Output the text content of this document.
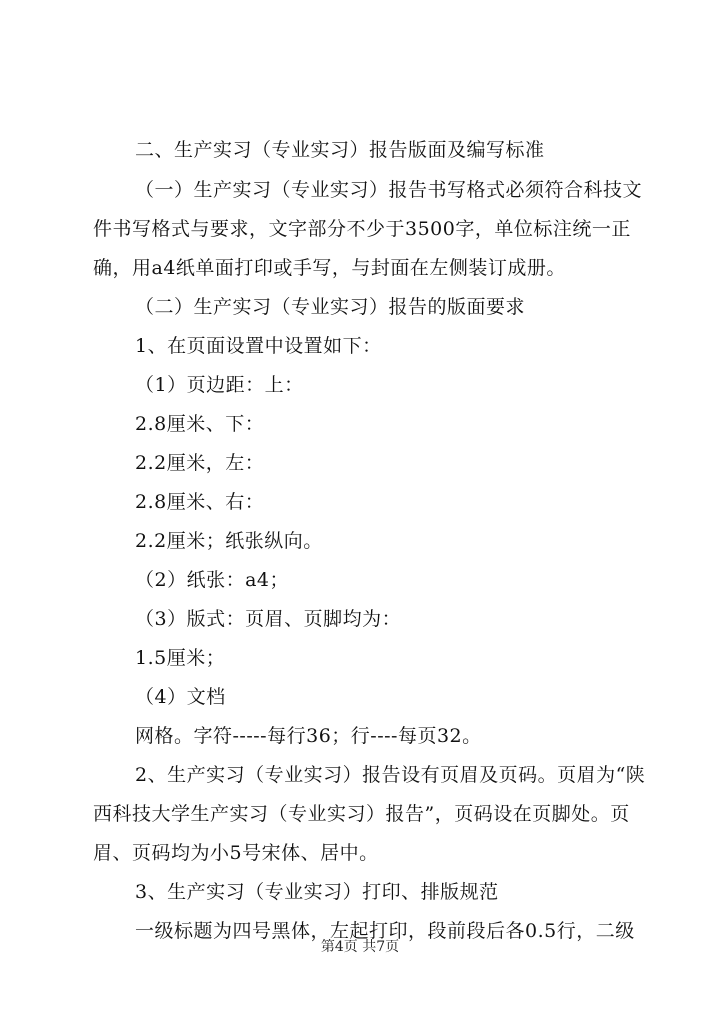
二、生产实习（专业实习）报告版面及编写标准
（一）生产实习（专业实习）报告书写格式必须符合科技文
件书写格式与要求，文字部分不少于3500字，单位标注统一正
确，用a4纸单面打印或手写，与封面在左侧装订成册。
（二）生产实习（专业实习）报告的版面要求
1、在页面设置中设置如下：
（1）页边距：上：
2.8厘米、下：
2.2厘米，左：
2.8厘米、右：
2.2厘米；纸张纵向。
（2）纸张：a4；
（3）版式：页眉、页脚均为：
1.5厘米；
（4）文档
网格。字符-----每行36；行----每页32。
2、生产实习（专业实习）报告设有页眉及页码。页眉为“陕
西科技大学生产实习（专业实习）报告”，页码设在页脚处。页
眉、页码均为小5号宋体、居中。
3、生产实习（专业实习）打印、排版规范
一级标题为四号黑体，左起打印，段前段后各0.5行，二级
第4页 共7页
